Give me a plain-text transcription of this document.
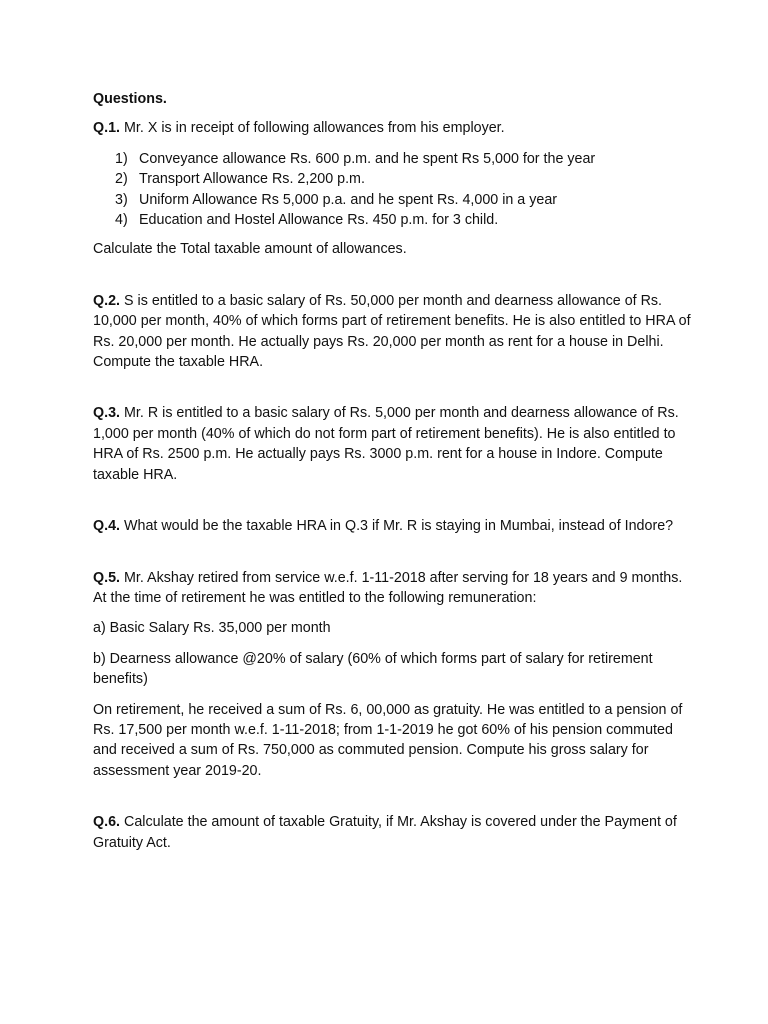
Questions.

Q.1. Mr. X is in receipt of following allowances from his employer.

1) Conveyance allowance Rs. 600 p.m. and he spent Rs 5,000 for the year
2) Transport Allowance Rs. 2,200 p.m.
3) Uniform Allowance Rs 5,000 p.a. and he spent Rs. 4,000 in a year
4) Education and Hostel Allowance Rs. 450 p.m. for 3 child.

Calculate the Total taxable amount of allowances.

Q.2. S is entitled to a basic salary of Rs. 50,000 per month and dearness allowance of Rs. 10,000 per month, 40% of which forms part of retirement benefits. He is also entitled to HRA of Rs. 20,000 per month. He actually pays Rs. 20,000 per month as rent for a house in Delhi. Compute the taxable HRA.

Q.3. Mr. R is entitled to a basic salary of Rs. 5,000 per month and dearness allowance of Rs. 1,000 per month (40% of which do not form part of retirement benefits). He is also entitled to HRA of Rs. 2500 p.m. He actually pays Rs. 3000 p.m. rent for a house in Indore. Compute taxable HRA.

Q.4. What would be the taxable HRA in Q.3 if Mr. R is staying in Mumbai, instead of Indore?

Q.5. Mr. Akshay retired from service w.e.f. 1-11-2018 after serving for 18 years and 9 months. At the time of retirement he was entitled to the following remuneration:

a) Basic Salary Rs. 35,000 per month

b) Dearness allowance @20% of salary (60% of which forms part of salary for retirement benefits)

On retirement, he received a sum of Rs. 6, 00,000 as gratuity. He was entitled to a pension of Rs. 17,500 per month w.e.f. 1-11-2018; from 1-1-2019 he got 60% of his pension commuted and received a sum of Rs. 750,000 as commuted pension. Compute his gross salary for assessment year 2019-20.

Q.6. Calculate the amount of taxable Gratuity, if Mr. Akshay is covered under the Payment of Gratuity Act.
